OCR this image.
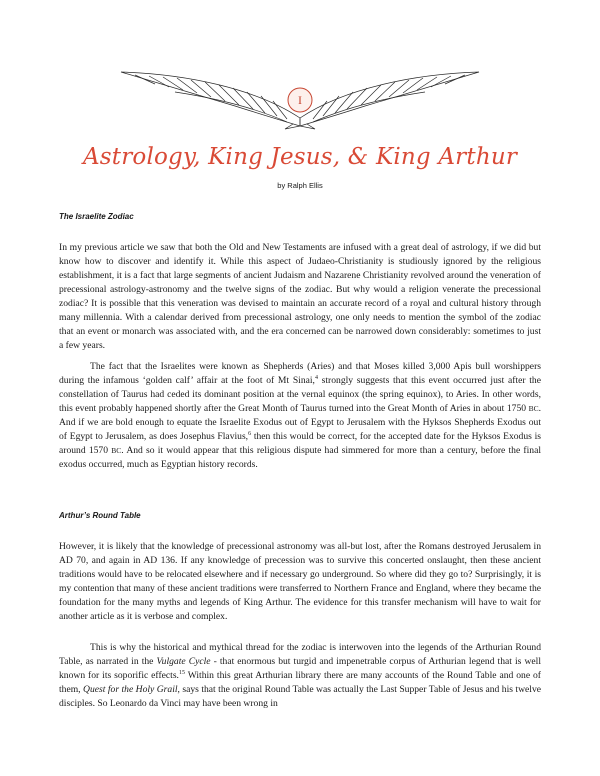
I
Astrology, King Jesus, & King Arthur
by Ralph Ellis
The Israelite Zodiac

In my previous article we saw that both the Old and New Testaments are infused with a great deal of astrology, if we did but know how to discover and identify it. While this aspect of Judaeo-Christianity is studiously ignored by the religious establishment, it is a fact that large segments of ancient Judaism and Nazarene Christianity revolved around the veneration of precessional astrology-astronomy and the twelve signs of the zodiac. But why would a religion venerate the precessional zodiac? It is possible that this veneration was devised to maintain an accurate record of a royal and cultural history through many millennia. With a calendar derived from precessional astrology, one only needs to mention the symbol of the zodiac that an event or monarch was associated with, and the era concerned can be narrowed down considerably: sometimes to just a few years.

The fact that the Israelites were known as Shepherds (Aries) and that Moses killed 3,000 Apis bull worshippers during the infamous ‘golden calf’ affair at the foot of Mt Sinai,$^4$ strongly suggests that this event occurred just after the constellation of Taurus had ceded its dominant position at the vernal equinox (the spring equinox), to Aries. In other words, this event probably happened shortly after the Great Month of Taurus turned into the Great Month of Aries in about 1750 BC. And if we are bold enough to equate the Israelite Exodus out of Egypt to Jerusalem with the Hyksos Shepherds Exodus out of Egypt to Jerusalem, as does Josephus Flavius,$^6$ then this would be correct, for the accepted date for the Hyksos Exodus is around 1570 BC. And so it would appear that this religious dispute had simmered for more than a century, before the final exodus occurred, much as Egyptian history records.

Arthur’s Round Table

However, it is likely that the knowledge of precessional astronomy was all-but lost, after the Romans destroyed Jerusalem in AD 70, and again in AD 136. If any knowledge of precession was to survive this concerted onslaught, then these ancient traditions would have to be relocated elsewhere and if necessary go underground. So where did they go to? Surprisingly, it is my contention that many of these ancient traditions were transferred to Northern France and England, where they became the foundation for the many myths and legends of King Arthur. The evidence for this transfer mechanism will have to wait for another article as it is verbose and complex.

This is why the historical and mythical thread for the zodiac is interwoven into the legends of the Arthurian Round Table, as narrated in the Vulgate Cycle - that enormous but turgid and impenetrable corpus of Arthurian legend that is well known for its soporific effects.$^{15}$ Within this great Arthurian library there are many accounts of the Round Table and one of them, Quest for the Holy Grail, says that the original Round Table was actually the Last Supper Table of Jesus and his twelve disciples. So Leonardo da Vinci may have been wrong in
